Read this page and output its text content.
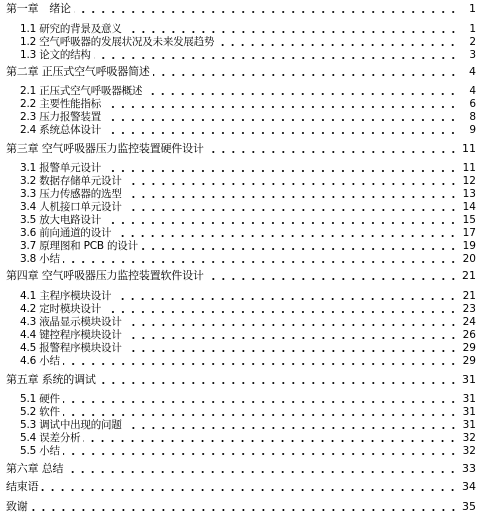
第一章　绪论	1
1.1 研究的背景及意义	1
1.2 空气呼吸器的发展状况及未来发展趋势	2
1.3 论文的结构	3
第二章 正压式空气呼吸器简述	4
2.1 正压式空气呼吸器概述	4
2.2 主要性能指标	6
2.3 压力报警装置	8
2.4 系统总体设计	9
第三章 空气呼吸器压力监控装置硬件设计	11
3.1 报警单元设计	11
3.2 数据存储单元设计	12
3.3 压力传感器的选型	13
3.4 人机接口单元设计	14
3.5 放大电路设计	15
3.6 前向通道的设计	17
3.7 原理图和 PCB 的设计	19
3.8 小结	20
第四章 空气呼吸器压力监控装置软件设计	21
4.1 主程序模块设计	21
4.2 定时模块设计	23
4.3 液晶显示模块设计	24
4.4 键控程序模块设计	26
4.5 报警程序模块设计	29
4.6 小结	29
第五章 系统的调试	31
5.1 硬件	31
5.2 软件	31
5.3 调试中出现的问题	31
5.4 误差分析	32
5.5 小结	32
第六章 总结	33
结束语	34
致谢	35
